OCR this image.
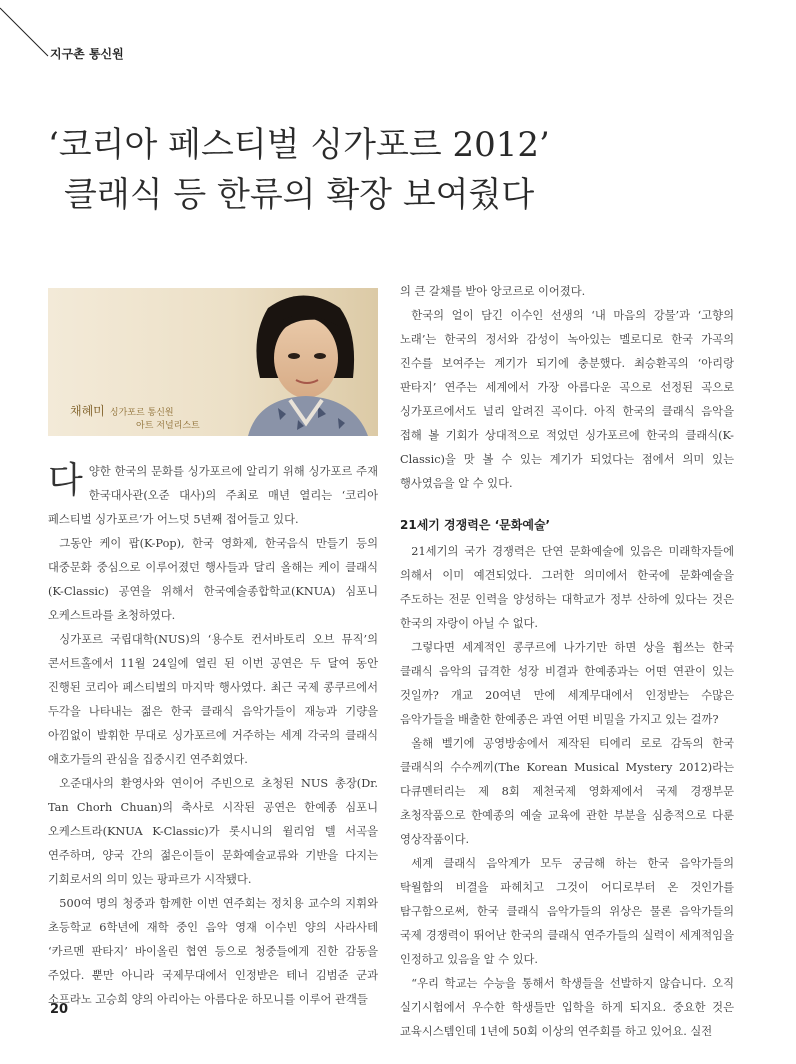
지구촌 통신원
‘코리아 페스티벌 싱가포르 2012’
클래식 등 한류의 확장 보여줬다
채혜미 싱가포르 통신원
아트 저널리스트

다 양한 한국의 문화를 싱가포르에 알리기 위해 싱가포르 주재 한국대사관(오준 대사)의 주최로 매년 열리는 ‘코리아 페스티벌 싱가포르’가 어느덧 5년째 접어들고 있다.

그동안 케이 팝(K-Pop), 한국 영화제, 한국음식 만들기 등의 대중문화 중심으로 이루어졌던 행사들과 달리 올해는 케이 클래식(K-Classic) 공연을 위해서 한국예술종합학교(KNUA) 심포니 오케스트라를 초청하였다.

싱가포르 국립대학(NUS)의 ‘용수토 컨서바토리 오브 뮤직’의 콘서트홀에서 11월 24일에 열린 된 이번 공연은 두 달여 동안 진행된 코리아 페스티벌의 마지막 행사였다. 최근 국제 콩쿠르에서 두각을 나타내는 젊은 한국 클래식 음악가들이 재능과 기량을 아낌없이 발휘한 무대로 싱가포르에 거주하는 세계 각국의 클래식 애호가들의 관심을 집중시킨 연주회였다.

오준대사의 환영사와 연이어 주빈으로 초청된 NUS 총장(Dr. Tan Chorh Chuan)의 축사로 시작된 공연은 한예종 심포니 오케스트라(KNUA K-Classic)가 롯시니의 윌리엄 텔 서곡을 연주하며, 양국 간의 젊은이들이 문화예술교류와 기반을 다지는 기회로서의 의미 있는 팡파르가 시작됐다.

500여 명의 청중과 함께한 이번 연주회는 정치용 교수의 지휘와 초등학교 6학년에 재학 중인 음악 영재 이수빈 양의 사라사테 ‘카르멘 판타지’ 바이올린 협연 등으로 청중들에게 진한 감동을 주었다. 뿐만 아니라 국제무대에서 인정받은 테너 김범준 군과 소프라노 고승희 양의 아리아는 아름다운 하모니를 이루어 관객들

의 큰 갈채를 받아 앙코르로 이어졌다.

한국의 얼이 담긴 이수인 선생의 ‘내 마음의 강물’과 ‘고향의 노래’는 한국의 정서와 감성이 녹아있는 멜로디로 한국 가곡의 진수를 보여주는 계기가 되기에 충분했다. 최승환곡의 ‘아리랑 판타지’ 연주는 세계에서 가장 아름다운 곡으로 선정된 곡으로 싱가포르에서도 널리 알려진 곡이다. 아직 한국의 클래식 음악을 접해 볼 기회가 상대적으로 적었던 싱가포르에 한국의 클래식(K-Classic)을 맛 볼 수 있는 계기가 되었다는 점에서 의미 있는 행사였음을 알 수 있다.

21세기 경쟁력은 ‘문화예술’

21세기의 국가 경쟁력은 단연 문화예술에 있음은 미래학자들에 의해서 이미 예견되었다. 그러한 의미에서 한국에 문화예술을 주도하는 전문 인력을 양성하는 대학교가 정부 산하에 있다는 것은 한국의 자랑이 아닐 수 없다.

그렇다면 세계적인 콩쿠르에 나가기만 하면 상을 휩쓰는 한국 클래식 음악의 급격한 성장 비결과 한예종과는 어떤 연관이 있는 것일까? 개교 20여년 만에 세계무대에서 인정받는 수많은 음악가들을 배출한 한예종은 과연 어떤 비밀을 가지고 있는 걸까?

올해 벨기에 공영방송에서 제작된 티에리 로로 감독의 한국 클래식의 수수께끼(The Korean Musical Mystery 2012)라는 다큐멘터리는 제 8회 제천국제 영화제에서 국제 경쟁부문 초청작품으로 한예종의 예술 교육에 관한 부분을 심층적으로 다룬 영상작품이다.

세계 클래식 음악계가 모두 궁금해 하는 한국 음악가들의 탁월함의 비결을 파헤치고 그것이 어디로부터 온 것인가를 탐구함으로써, 한국 클래식 음악가들의 위상은 물론 음악가들의 국제 경쟁력이 뛰어난 한국의 클래식 연주가들의 실력이 세계적임을 인정하고 있음을 알 수 있다.

“우리 학교는 수능을 통해서 학생들을 선발하지 않습니다. 오직 실기시험에서 우수한 학생들만 입학을 하게 되지요. 중요한 것은 교육시스템인데 1년에 50회 이상의 연주회를 하고 있어요. 실전

20
